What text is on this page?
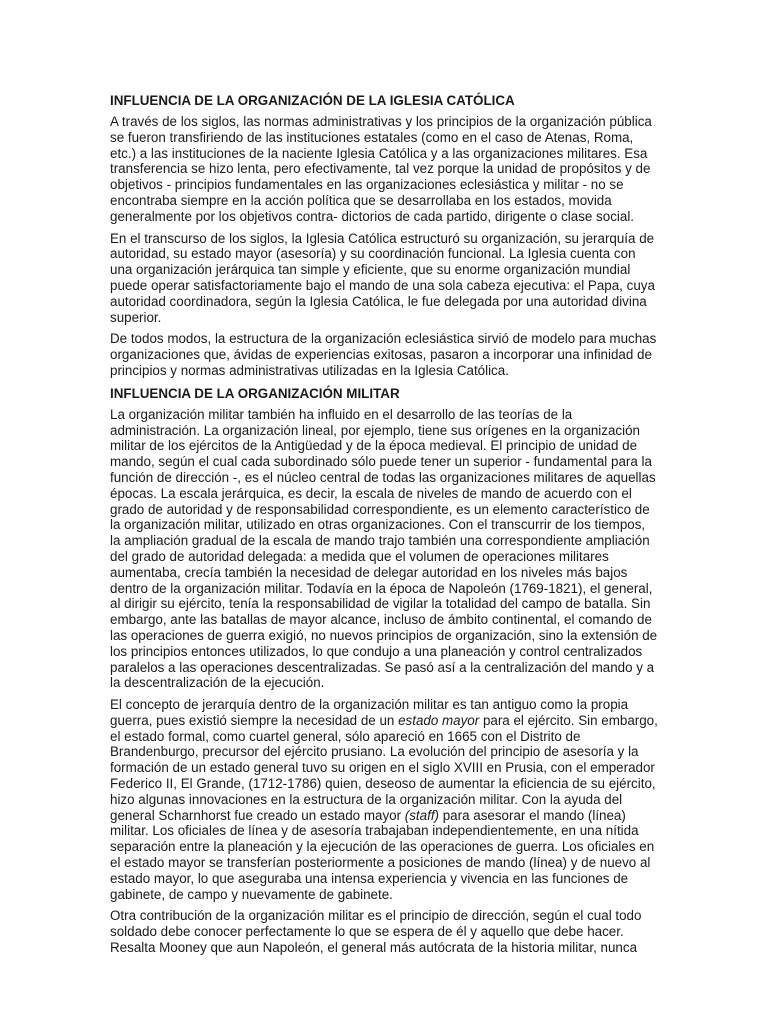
INFLUENCIA DE LA ORGANIZACIÓN DE LA IGLESIA CATÓLICA

A través de los siglos, las normas administrativas y los principios de la organización pública se fueron transfiriendo de las instituciones estatales (como en el caso de Atenas, Roma, etc.) a las instituciones de la naciente Iglesia Católica y a las organizaciones militares. Esa transferencia se hizo lenta, pero efectivamente, tal vez porque la unidad de propósitos y de objetivos - principios fundamentales en las organizaciones eclesiástica y militar - no se encontraba siempre en la acción política que se desarrollaba en los estados, movida generalmente por los objetivos contra- dictorios de cada partido, dirigente o clase social.

En el transcurso de los siglos, la Iglesia Católica estructuró su organización, su jerarquía de autoridad, su estado mayor (asesoría) y su coordinación funcional. La Iglesia cuenta con una organización jerárquica tan simple y eficiente, que su enorme organización mundial puede operar satisfactoriamente bajo el mando de una sola cabeza ejecutiva: el Papa, cuya autoridad coordinadora, según la Iglesia Católica, le fue delegada por una autoridad divina superior.

De todos modos, la estructura de la organización eclesiástica sirvió de modelo para muchas organizaciones que, ávidas de experiencias exitosas, pasaron a incorporar una infinidad de principios y normas administrativas utilizadas en la Iglesia Católica.

INFLUENCIA DE LA ORGANIZACIÓN MILITAR

La organización militar también ha influido en el desarrollo de las teorías de la administración. La organización lineal, por ejemplo, tiene sus orígenes en la organización militar de los ejércitos de la Antigüedad y de la época medieval. El principio de unidad de mando, según el cual cada subordinado sólo puede tener un superior - fundamental para la función de dirección -, es el núcleo central de todas las organizaciones militares de aquellas épocas. La escala jerárquica, es decir, la escala de niveles de mando de acuerdo con el grado de autoridad y de responsabilidad correspondiente, es un elemento característico de la organización militar, utilizado en otras organizaciones. Con el transcurrir de los tiempos, la ampliación gradual de la escala de mando trajo también una correspondiente ampliación del grado de autoridad delegada: a medida que el volumen de operaciones militares aumentaba, crecía también la necesidad de delegar autoridad en los niveles más bajos dentro de la organización militar. Todavía en la época de Napoleón (1769-1821), el general, al dirigir su ejército, tenía la responsabilidad de vigilar la totalidad del campo de batalla. Sin embargo, ante las batallas de mayor alcance, incluso de ámbito continental, el comando de las operaciones de guerra exigió, no nuevos principios de organización, sino la extensión de los principios entonces utilizados, lo que condujo a una planeación y control centralizados paralelos a las operaciones descentralizadas. Se pasó así a la centralización del mando y a la descentralización de la ejecución.

El concepto de jerarquía dentro de la organización militar es tan antiguo como la propia guerra, pues existió siempre la necesidad de un estado mayor para el ejército. Sin embargo, el estado formal, como cuartel general, sólo apareció en 1665 con el Distrito de Brandenburgo, precursor del ejército prusiano. La evolución del principio de asesoría y la formación de un estado general tuvo su origen en el siglo XVIII en Prusia, con el emperador Federico II, El Grande, (1712-1786) quien, deseoso de aumentar la eficiencia de su ejército, hizo algunas innovaciones en la estructura de la organización militar. Con la ayuda del general Scharnhorst fue creado un estado mayor (staff) para asesorar el mando (línea) militar. Los oficiales de línea y de asesoría trabajaban independientemente, en una nítida separación entre la planeación y la ejecución de las operaciones de guerra. Los oficiales en el estado mayor se transferían posteriormente a posiciones de mando (línea) y de nuevo al estado mayor, lo que aseguraba una intensa experiencia y vivencia en las funciones de gabinete, de campo y nuevamente de gabinete.

Otra contribución de la organización militar es el principio de dirección, según el cual todo soldado debe conocer perfectamente lo que se espera de él y aquello que debe hacer. Resalta Mooney que aun Napoleón, el general más autócrata de la historia militar, nunca
